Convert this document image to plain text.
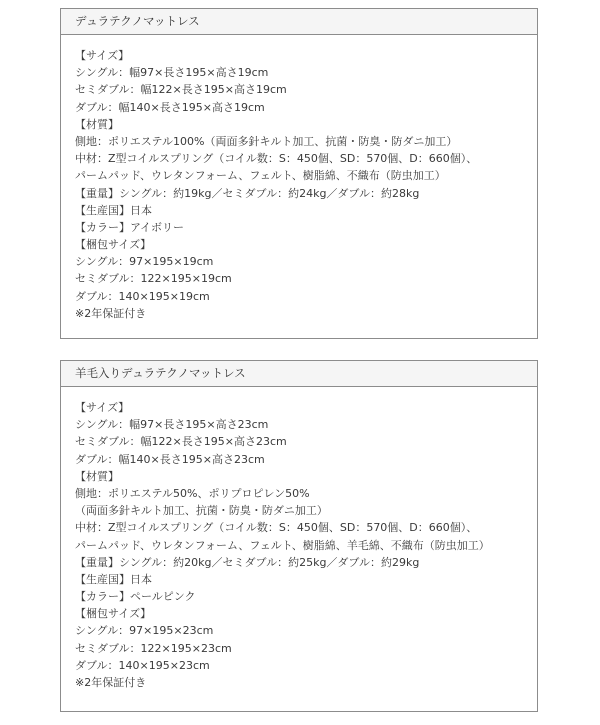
デュラテクノマットレス
【サイズ】
シングル：幅97×長さ195×高さ19cm
セミダブル：幅122×長さ195×高さ19cm
ダブル：幅140×長さ195×高さ19cm
【材質】
側地：ポリエステル100%（両面多針キルト加工、抗菌・防臭・防ダニ加工）
中材：Z型コイルスプリング（コイル数：S：450個、SD：570個、D：660個）、
パームパッド、ウレタンフォーム、フェルト、樹脂綿、不織布（防虫加工）
【重量】シングル：約19kg／セミダブル：約24kg／ダブル：約28kg
【生産国】日本
【カラー】アイボリー
【梱包サイズ】
シングル：97×195×19cm
セミダブル：122×195×19cm
ダブル：140×195×19cm
※2年保証付き
羊毛入りデュラテクノマットレス
【サイズ】
シングル：幅97×長さ195×高さ23cm
セミダブル：幅122×長さ195×高さ23cm
ダブル：幅140×長さ195×高さ23cm
【材質】
側地：ポリエステル50%、ポリプロピレン50%
（両面多針キルト加工、抗菌・防臭・防ダニ加工）
中材：Z型コイルスプリング（コイル数：S：450個、SD：570個、D：660個）、
パームパッド、ウレタンフォーム、フェルト、樹脂綿、羊毛綿、不織布（防虫加工）
【重量】シングル：約20kg／セミダブル：約25kg／ダブル：約29kg
【生産国】日本
【カラー】ペールピンク
【梱包サイズ】
シングル：97×195×23cm
セミダブル：122×195×23cm
ダブル：140×195×23cm
※2年保証付き
